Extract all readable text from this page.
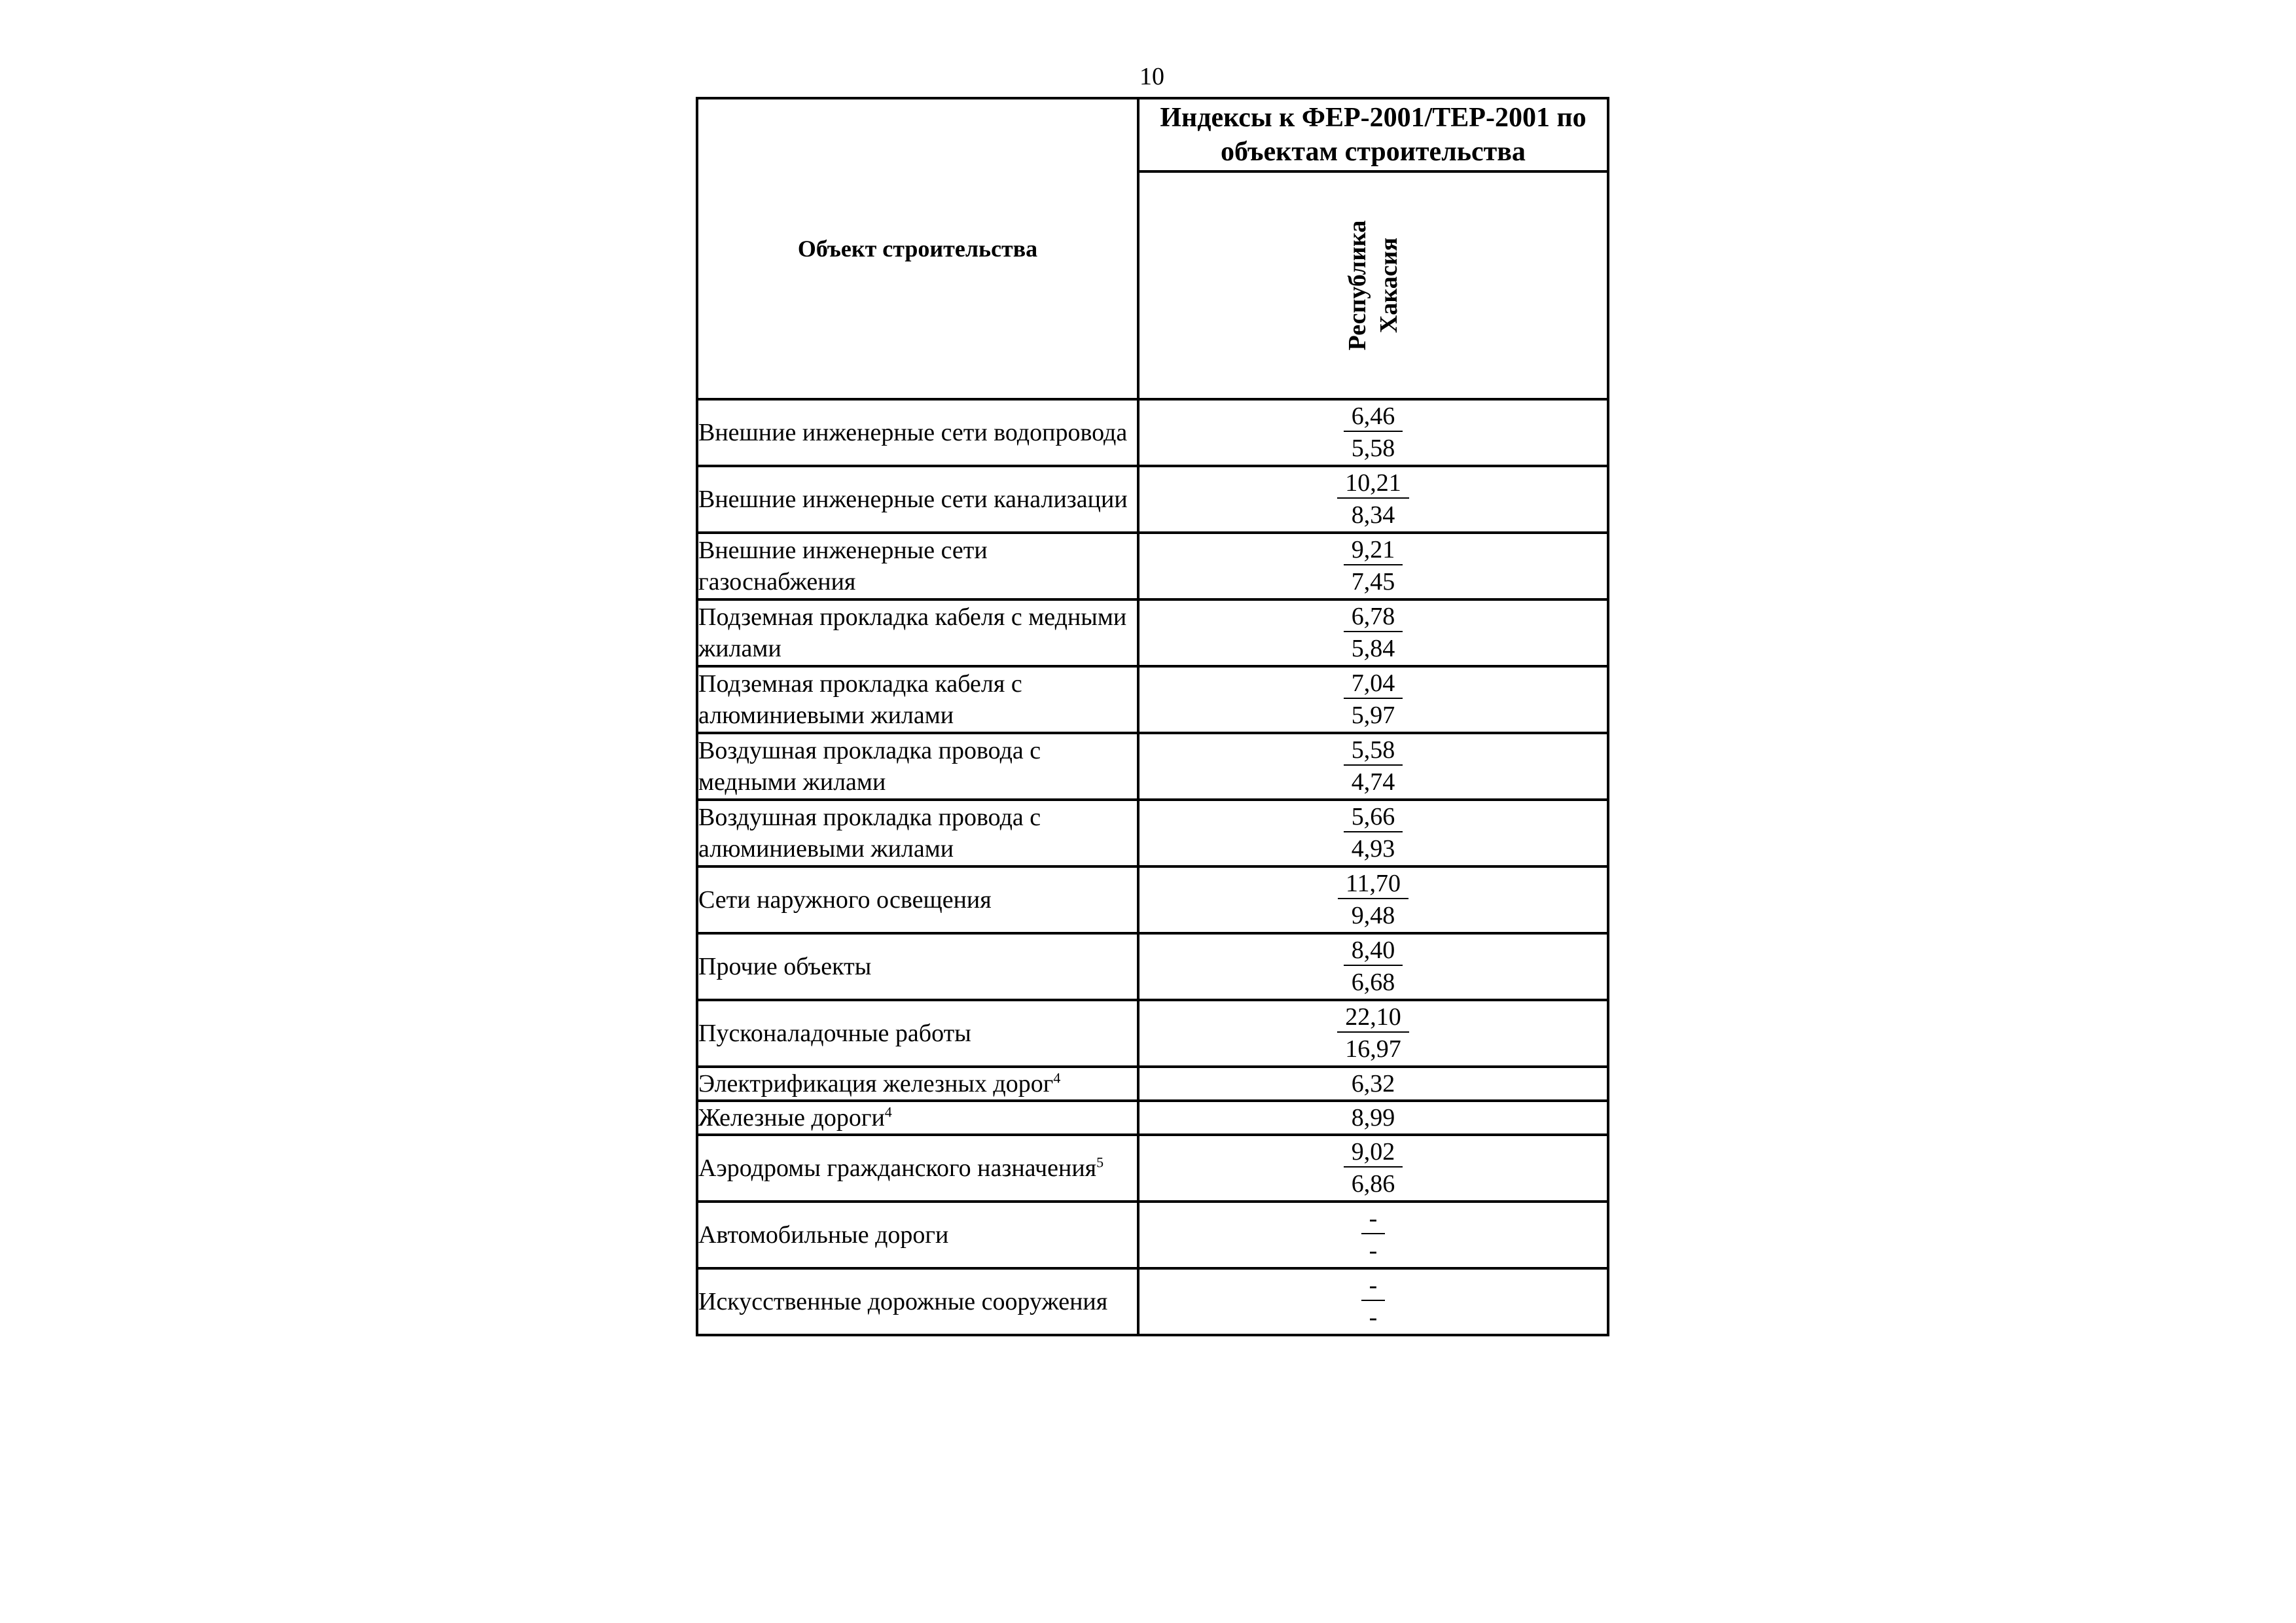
10
Объект строительства	Индексы к ФЕР-2001/ТЕР-2001 по объектам строительства

	Республика Хакасия

Внешние инженерные сети водопровода	6,46
5,58

Внешние инженерные сети канализации	10,21
8,34

Внешние инженерные сети газоснабжения	9,21
7,45

Подземная прокладка кабеля с медными жилами	6,78
5,84

Подземная прокладка кабеля с алюминиевыми жилами	7,04
5,97

Воздушная прокладка провода с медными жилами	5,58
4,74

Воздушная прокладка провода с алюминиевыми жилами	5,66
4,93

Сети наружного освещения	11,70
9,48

Прочие объекты	8,40
6,68

Пусконаладочные работы	22,10
16,97

Электрификация железных дорог$^4$	6,32
Железные дороги$^4$	8,99
Аэродромы гражданского назначения$^5$	9,02
6,86

Автомобильные дороги	-
-

Искусственные дорожные сооружения	-
-
